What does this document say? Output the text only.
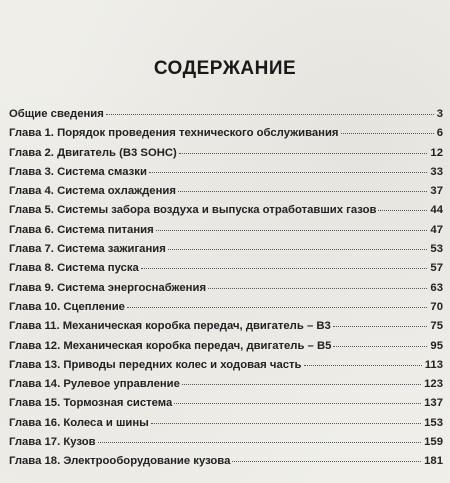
СОДЕРЖАНИЕ
Общие сведения	3
Глава 1. Порядок проведения технического обслуживания	6
Глава 2. Двигатель (B3 SOHC)	12
Глава 3. Система смазки	33
Глава 4. Система охлаждения	37
Глава 5. Системы забора воздуха и выпуска отработавших газов	44
Глава 6. Система питания	47
Глава 7. Система зажигания	53
Глава 8. Система пуска	57
Глава 9. Система энергоснабжения	63
Глава 10. Сцепление	70
Глава 11. Механическая коробка передач, двигатель – B3	75
Глава 12. Механическая коробка передач, двигатель – B5	95
Глава 13. Приводы передних колес и ходовая часть	113
Глава 14. Рулевое управление	123
Глава 15. Тормозная система	137
Глава 16. Колеса и шины	153
Глава 17. Кузов	159
Глава 18. Электрооборудование кузова	181
